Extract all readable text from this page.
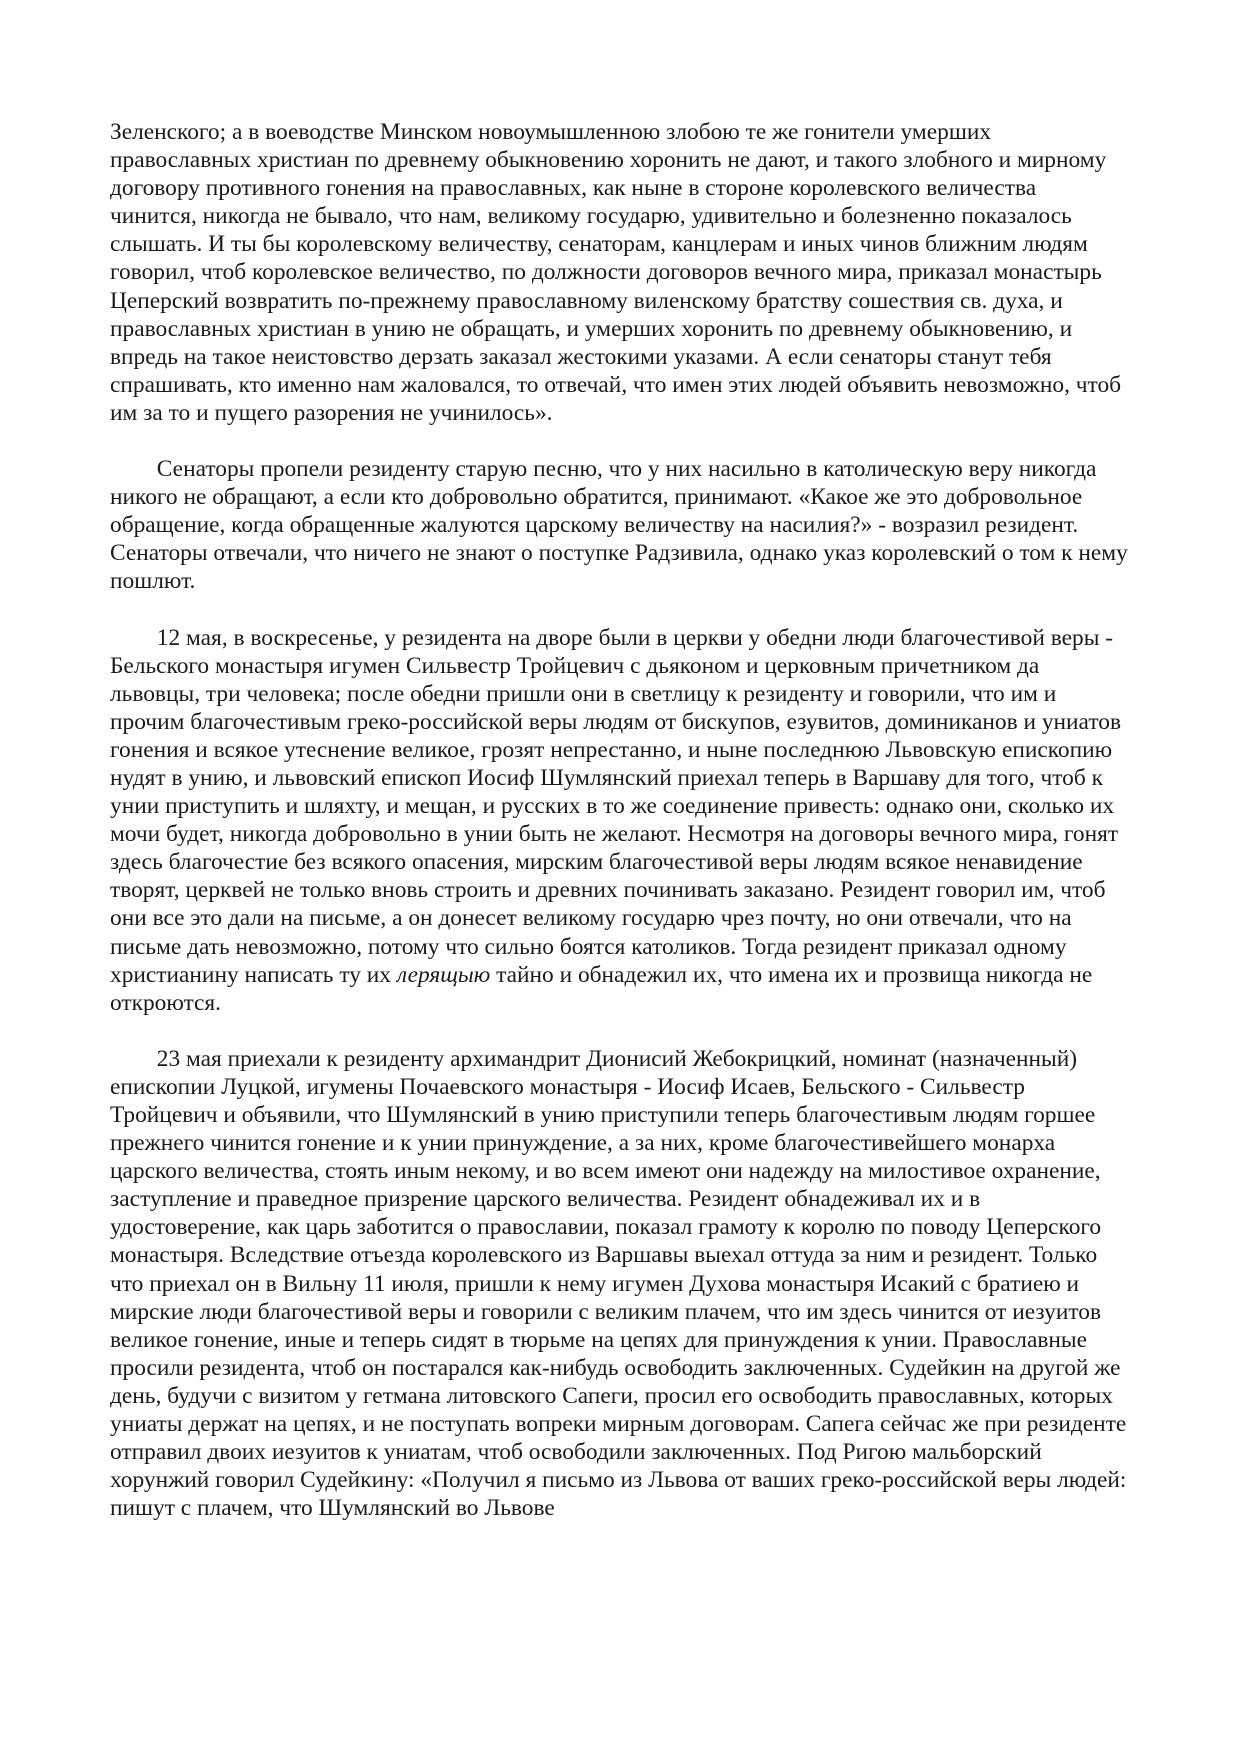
Зеленского; а в воеводстве Минском новоумышленною злобою те же гонители умерших православных христиан по древнему обыкновению хоронить не дают, и такого злобного и мирному договору противного гонения на православных, как ныне в стороне королевского величества чинится, никогда не бывало, что нам, великому государю, удивительно и болезненно показалось слышать. И ты бы королевскому величеству, сенаторам, канцлерам и иных чинов ближним людям говорил, чтоб королевское величество, по должности договоров вечного мира, приказал монастырь Цеперский возвратить по-прежнему православному виленскому братству сошествия св. духа, и православных христиан в унию не обращать, и умерших хоронить по древнему обыкновению, и впредь на такое неистовство дерзать заказал жестокими указами. А если сенаторы станут тебя спрашивать, кто именно нам жаловался, то отвечай, что имен этих людей объявить невозможно, чтоб им за то и пущего разорения не учинилось».

Сенаторы пропели резиденту старую песню, что у них насильно в католическую веру никогда никого не обращают, а если кто добровольно обратится, принимают. «Какое же это добровольное обращение, когда обращенные жалуются царскому величеству на насилия?» - возразил резидент. Сенаторы отвечали, что ничего не знают о поступке Радзивила, однако указ королевский о том к нему пошлют.

12 мая, в воскресенье, у резидента на дворе были в церкви у обедни люди благочестивой веры - Бельского монастыря игумен Сильвестр Тройцевич с дьяконом и церковным причетником да львовцы, три человека; после обедни пришли они в светлицу к резиденту и говорили, что им и прочим благочестивым греко-российской веры людям от бискупов, езувитов, доминиканов и униатов гонения и всякое утеснение великое, грозят непрестанно, и ныне последнюю Львовскую епископию нудят в унию, и львовский епископ Иосиф Шумлянский приехал теперь в Варшаву для того, чтоб к унии приступить и шляхту, и мещан, и русских в то же соединение привесть: однако они, сколько их мочи будет, никогда добровольно в унии быть не желают. Несмотря на договоры вечного мира, гонят здесь благочестие без всякого опасения, мирским благочестивой веры людям всякое ненавидение творят, церквей не только вновь строить и древних починивать заказано. Резидент говорил им, чтоб они все это дали на письме, а он донесет великому государю чрез почту, но они отвечали, что на письме дать невозможно, потому что сильно боятся католиков. Тогда резидент приказал одному христианину написать ту их лерящыю тайно и обнадежил их, что имена их и прозвища никогда не откроются.

23 мая приехали к резиденту архимандрит Дионисий Жебокрицкий, номинат (назначенный) епископии Луцкой, игумены Почаевского монастыря - Иосиф Исаев, Бельского - Сильвестр Тройцевич и объявили, что Шумлянский в унию приступили теперь благочестивым людям горшее прежнего чинится гонение и к унии принуждение, а за них, кроме благочестивейшего монарха царского величества, стоять иным некому, и во всем имеют они надежду на милостивое охранение, заступление и праведное призрение царского величества. Резидент обнадеживал их и в удостоверение, как царь заботится о православии, показал грамоту к королю по поводу Цеперского монастыря. Вследствие отъезда королевского из Варшавы выехал оттуда за ним и резидент. Только что приехал он в Вильну 11 июля, пришли к нему игумен Духова монастыря Исакий с братиею и мирские люди благочестивой веры и говорили с великим плачем, что им здесь чинится от иезуитов великое гонение, иные и теперь сидят в тюрьме на цепях для принуждения к унии. Православные просили резидента, чтоб он постарался как-нибудь освободить заключенных. Судейкин на другой же день, будучи с визитом у гетмана литовского Сапеги, просил его освободить православных, которых униаты держат на цепях, и не поступать вопреки мирным договорам. Сапега сейчас же при резиденте отправил двоих иезуитов к униатам, чтоб освободили заключенных. Под Ригою мальборский хорунжий говорил Судейкину: «Получил я письмо из Львова от ваших греко-российской веры людей: пишут с плачем, что Шумлянский во Львове
